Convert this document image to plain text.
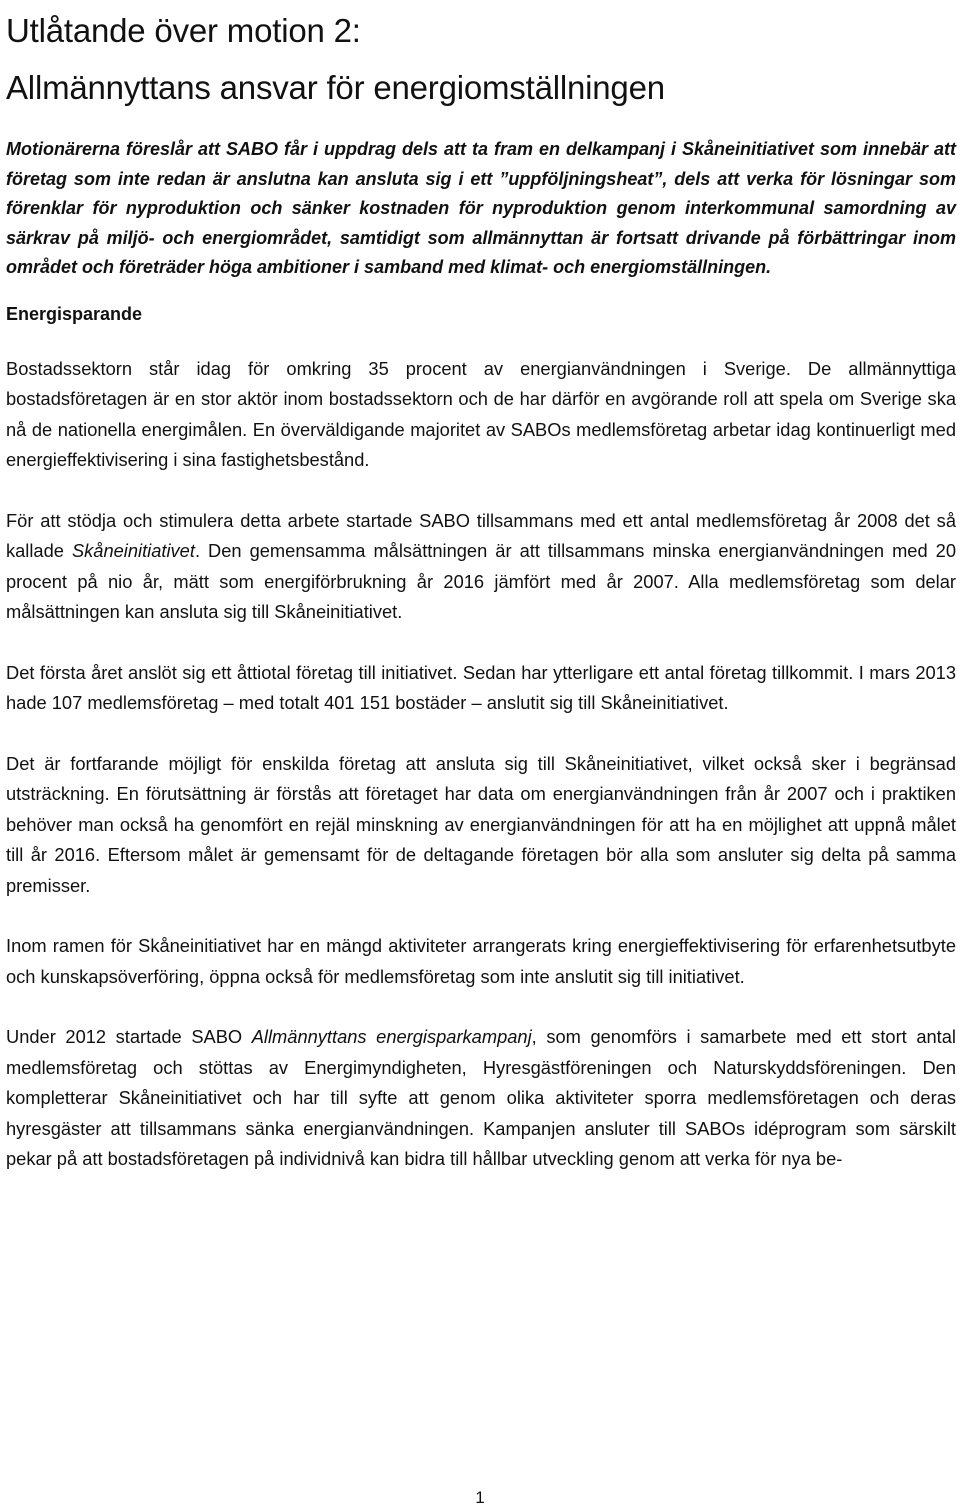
Utlåtande över motion 2:
Allmännyttans ansvar för energiomställningen

Motionärerna föreslår att SABO får i uppdrag dels att ta fram en delkampanj i Skåneinitiativet som innebär att företag som inte redan är anslutna kan ansluta sig i ett ”uppföljningsheat”, dels att verka för lösningar som förenklar för nyproduktion och sänker kostnaden för nyproduktion genom interkommunal samordning av särkrav på miljö- och energiområdet, samtidigt som allmännyttan är fortsatt drivande på förbättringar inom området och företräder höga ambitioner i samband med klimat- och energiomställningen.

Energisparande

Bostadssektorn står idag för omkring 35 procent av energianvändningen i Sverige. De allmännyttiga bostadsföretagen är en stor aktör inom bostadssektorn och de har därför en avgörande roll att spela om Sverige ska nå de nationella energimålen. En överväldigande majoritet av SABOs medlemsföretag arbetar idag kontinuerligt med energieffektivisering i sina fastighetsbestånd.

För att stödja och stimulera detta arbete startade SABO tillsammans med ett antal medlemsföretag år 2008 det så kallade Skåneinitiativet. Den gemensamma målsättningen är att tillsammans minska energianvändningen med 20 procent på nio år, mätt som energiförbrukning år 2016 jämfört med år 2007. Alla medlemsföretag som delar målsättningen kan ansluta sig till Skåneinitiativet.

Det första året anslöt sig ett åttiotal företag till initiativet. Sedan har ytterligare ett antal företag tillkommit. I mars 2013 hade 107 medlemsföretag – med totalt 401 151 bostäder – anslutit sig till Skåneinitiativet.

Det är fortfarande möjligt för enskilda företag att ansluta sig till Skåneinitiativet, vilket också sker i begränsad utsträckning. En förutsättning är förstås att företaget har data om energianvändningen från år 2007 och i praktiken behöver man också ha genomfört en rejäl minskning av energianvändningen för att ha en möjlighet att uppnå målet till år 2016. Eftersom målet är gemensamt för de deltagande företagen bör alla som ansluter sig delta på samma premisser.

Inom ramen för Skåneinitiativet har en mängd aktiviteter arrangerats kring energieffektivisering för erfarenhetsutbyte och kunskapsöverföring, öppna också för medlemsföretag som inte anslutit sig till initiativet.

Under 2012 startade SABO Allmännyttans energisparkampanj, som genomförs i samarbete med ett stort antal medlemsföretag och stöttas av Energimyndigheten, Hyresgästföreningen och Naturskyddsföreningen. Den kompletterar Skåneinitiativet och har till syfte att genom olika aktiviteter sporra medlemsföretagen och deras hyresgäster att tillsammans sänka energianvändningen. Kampanjen ansluter till SABOs idéprogram som särskilt pekar på att bostadsföretagen på individnivå kan bidra till hållbar utveckling genom att verka för nya be-

1
